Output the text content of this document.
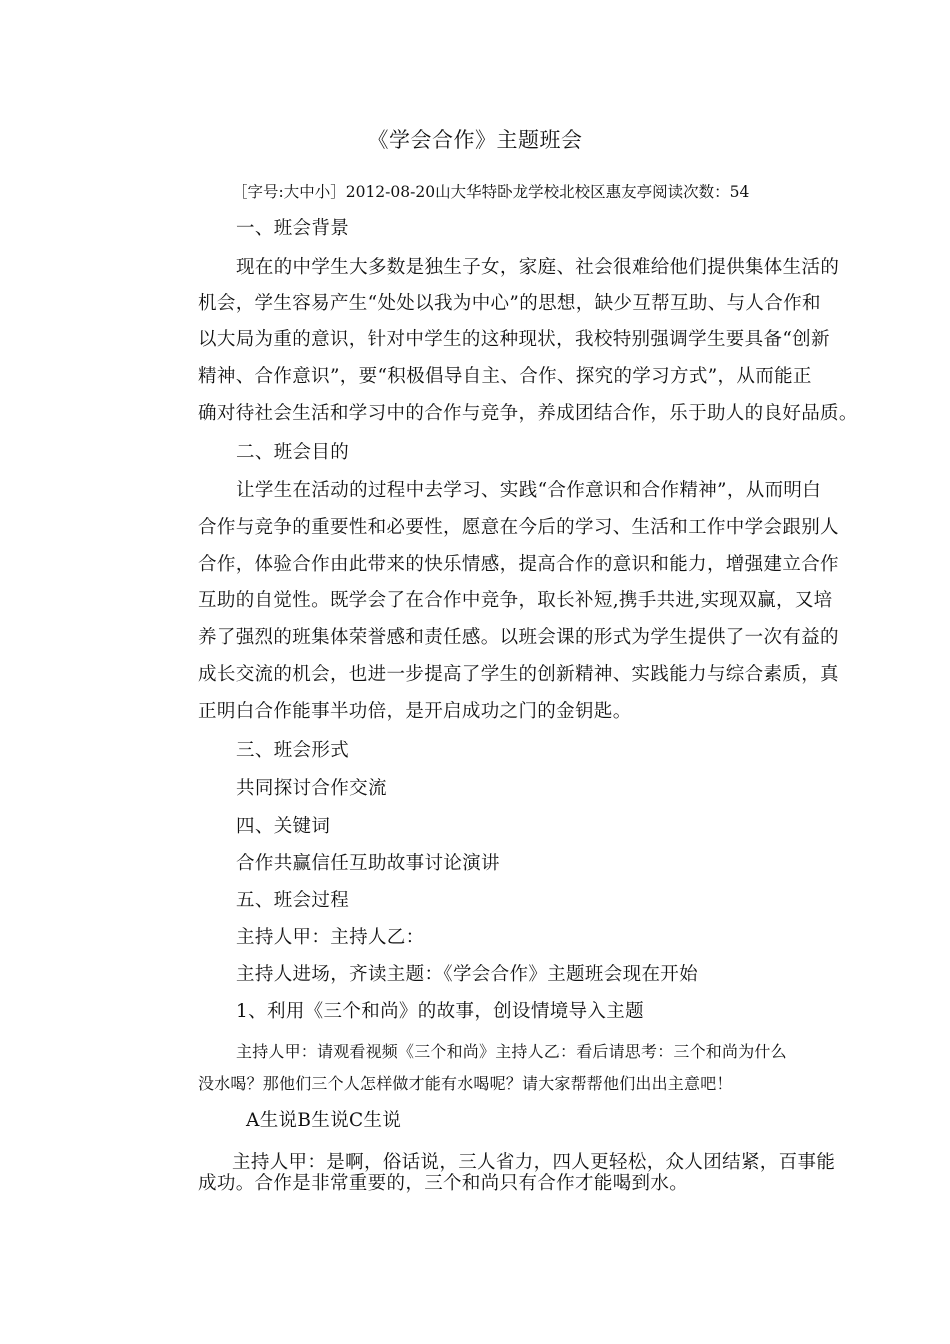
《学会合作》主题班会
［字号:大中小］2012-08-20山大华特卧龙学校北校区惠友亭阅读次数：54
一、班会背景
现在的中学生大多数是独生子女，家庭、社会很难给他们提供集体生活的
机会，学生容易产生“处处以我为中心”的思想，缺少互帮互助、与人合作和
以大局为重的意识，针对中学生的这种现状，我校特别强调学生要具备“创新
精神、合作意识”，要“积极倡导自主、合作、探究的学习方式”，从而能正
确对待社会生活和学习中的合作与竞争，养成团结合作，乐于助人的良好品质。
二、班会目的
让学生在活动的过程中去学习、实践“合作意识和合作精神”，从而明白
合作与竞争的重要性和必要性，愿意在今后的学习、生活和工作中学会跟别人
合作，体验合作由此带来的快乐情感，提高合作的意识和能力，增强建立合作
互助的自觉性。既学会了在合作中竞争，取长补短,携手共进,实现双赢，又培
养了强烈的班集体荣誉感和责任感。以班会课的形式为学生提供了一次有益的
成长交流的机会，也进一步提高了学生的创新精神、实践能力与综合素质，真
正明白合作能事半功倍，是开启成功之门的金钥匙。
三、班会形式
共同探讨合作交流
四、关键词
合作共赢信任互助故事讨论演讲
五、班会过程
主持人甲：主持人乙：
主持人进场，齐读主题：《学会合作》主题班会现在开始
1、利用《三个和尚》的故事，创设情境导入主题
主持人甲：请观看视频《三个和尚》主持人乙：看后请思考：三个和尚为什么
没水喝？那他们三个人怎样做才能有水喝呢？请大家帮帮他们出出主意吧！
A生说B生说C生说
主持人甲：是啊，俗话说，三人省力，四人更轻松，众人团结紧，百事能
成功。合作是非常重要的，三个和尚只有合作才能喝到水。
